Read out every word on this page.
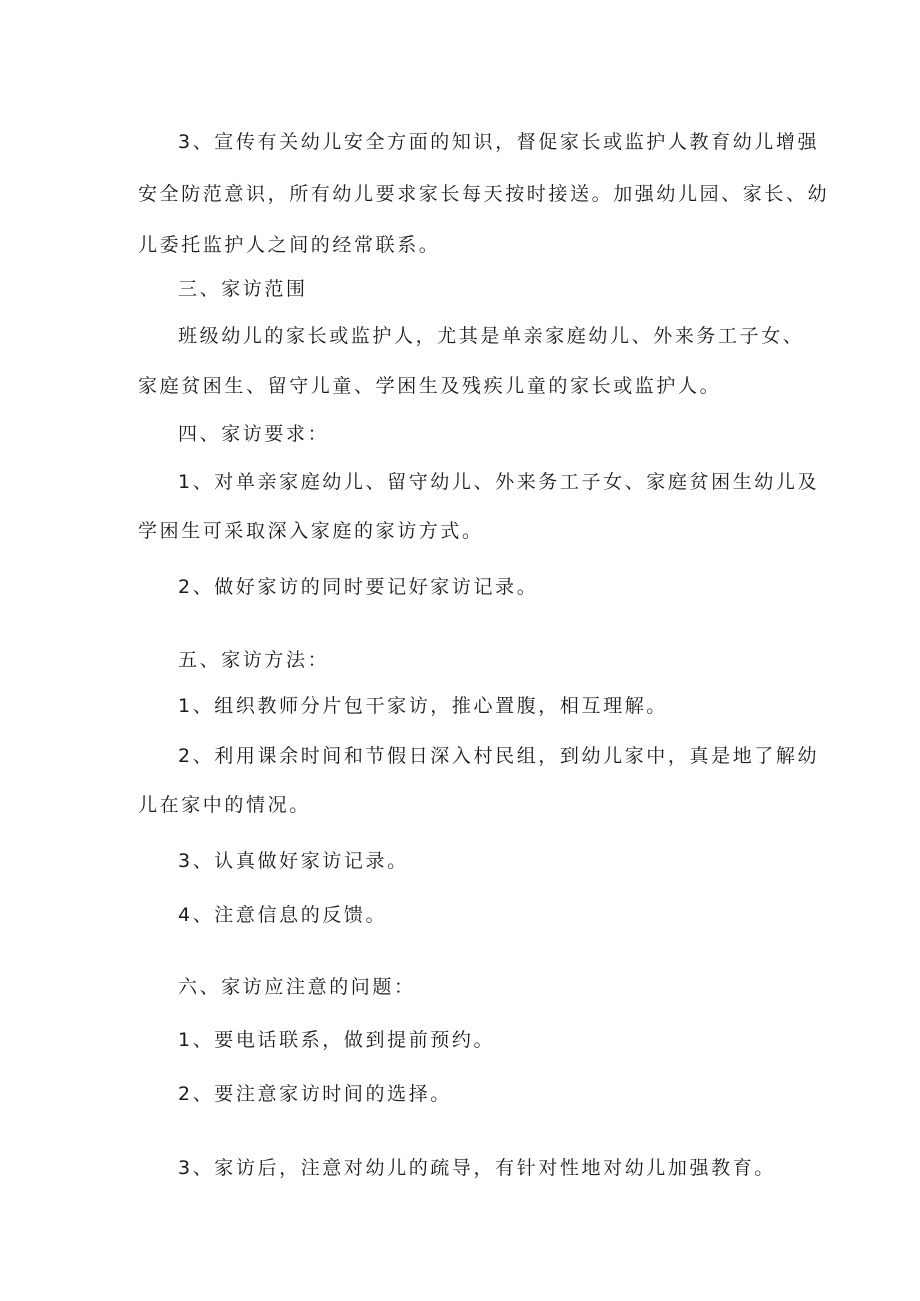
3、宣传有关幼儿安全方面的知识，督促家长或监护人教育幼儿增强
安全防范意识，所有幼儿要求家长每天按时接送。加强幼儿园、家长、幼
儿委托监护人之间的经常联系。
三、家访范围
班级幼儿的家长或监护人，尤其是单亲家庭幼儿、外来务工子女、
家庭贫困生、留守儿童、学困生及残疾儿童的家长或监护人。
四、家访要求：
1、对单亲家庭幼儿、留守幼儿、外来务工子女、家庭贫困生幼儿及
学困生可采取深入家庭的家访方式。
2、做好家访的同时要记好家访记录。
五、家访方法：
1、组织教师分片包干家访，推心置腹，相互理解。
2、利用课余时间和节假日深入村民组，到幼儿家中，真是地了解幼
儿在家中的情况。
3、认真做好家访记录。
4、注意信息的反馈。
六、家访应注意的问题：
1、要电话联系，做到提前预约。
2、要注意家访时间的选择。
3、家访后，注意对幼儿的疏导，有针对性地对幼儿加强教育。
